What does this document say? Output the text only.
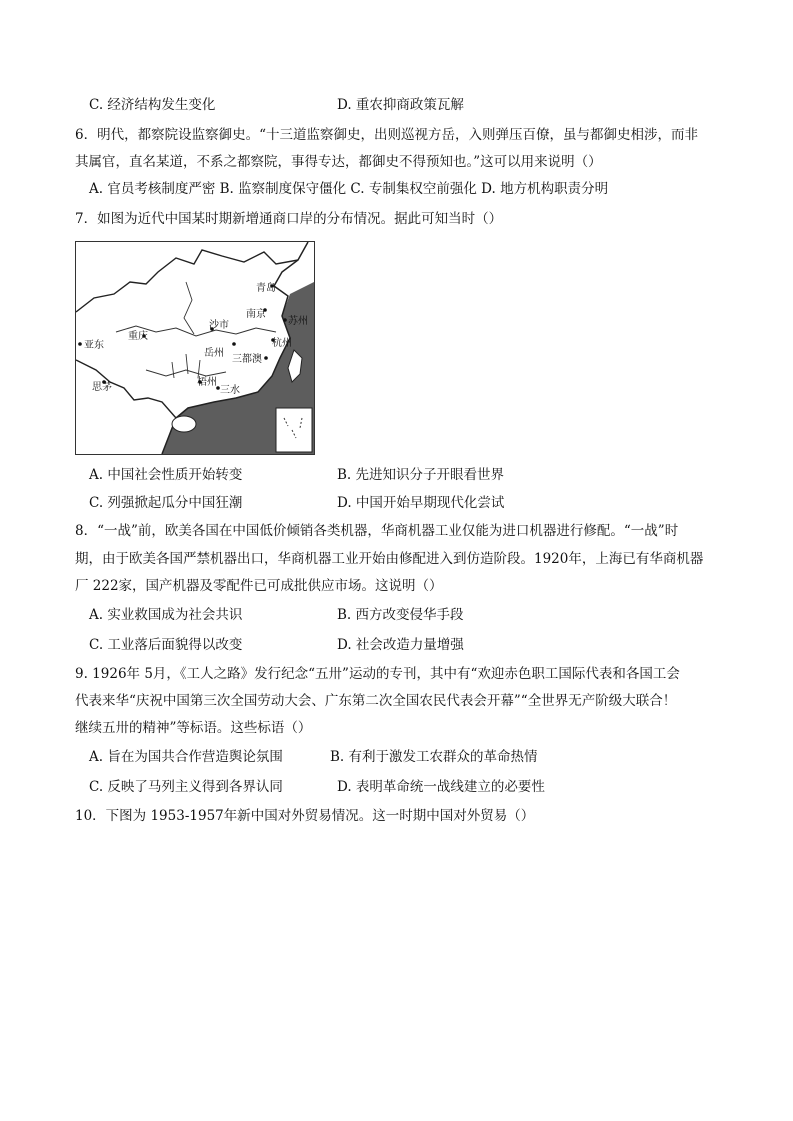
C. 经济结构发生变化	D. 重农抑商政策瓦解
6．明代，都察院设监察御史。“十三道监察御史，出则巡视方岳，入则弹压百僚，虽与都御史相涉，而非
其属官，直名某道，不系之都察院，事得专达，都御史不得预知也。”这可以用来说明（）
A. 官员考核制度严密 B. 监察制度保守僵化 C. 专制集权空前强化 D. 地方机构职责分明
7．如图为近代中国某时期新增通商口岸的分布情况。据此可知当时（）
青岛
南京
苏州
沙市
重庆
杭州
亚东
岳州
三都澳
思茅	梧州
三水
A. 中国社会性质开始转变	B. 先进知识分子开眼看世界
C. 列强掀起瓜分中国狂潮	D. 中国开始早期现代化尝试
8．“一战”前，欧美各国在中国低价倾销各类机器，华商机器工业仅能为进口机器进行修配。“一战”时
期，由于欧美各国严禁机器出口，华商机器工业开始由修配进入到仿造阶段。1920年，上海已有华商机器
厂 222家，国产机器及零配件已可成批供应市场。这说明（）
A. 实业救国成为社会共识	B. 西方改变侵华手段
C. 工业落后面貌得以改变	D. 社会改造力量增强
9. 1926年 5月，《工人之路》发行纪念“五卅”运动的专刊，其中有“欢迎赤色职工国际代表和各国工会
代表来华“庆祝中国第三次全国劳动大会、广东第二次全国农民代表会开幕”“全世界无产阶级大联合！
继续五卅的精神”等标语。这些标语（）
A. 旨在为国共合作营造舆论氛围	B. 有利于激发工农群众的革命热情
C. 反映了马列主义得到各界认同	D. 表明革命统一战线建立的必要性
10．下图为 1953-1957年新中国对外贸易情况。这一时期中国对外贸易（）
